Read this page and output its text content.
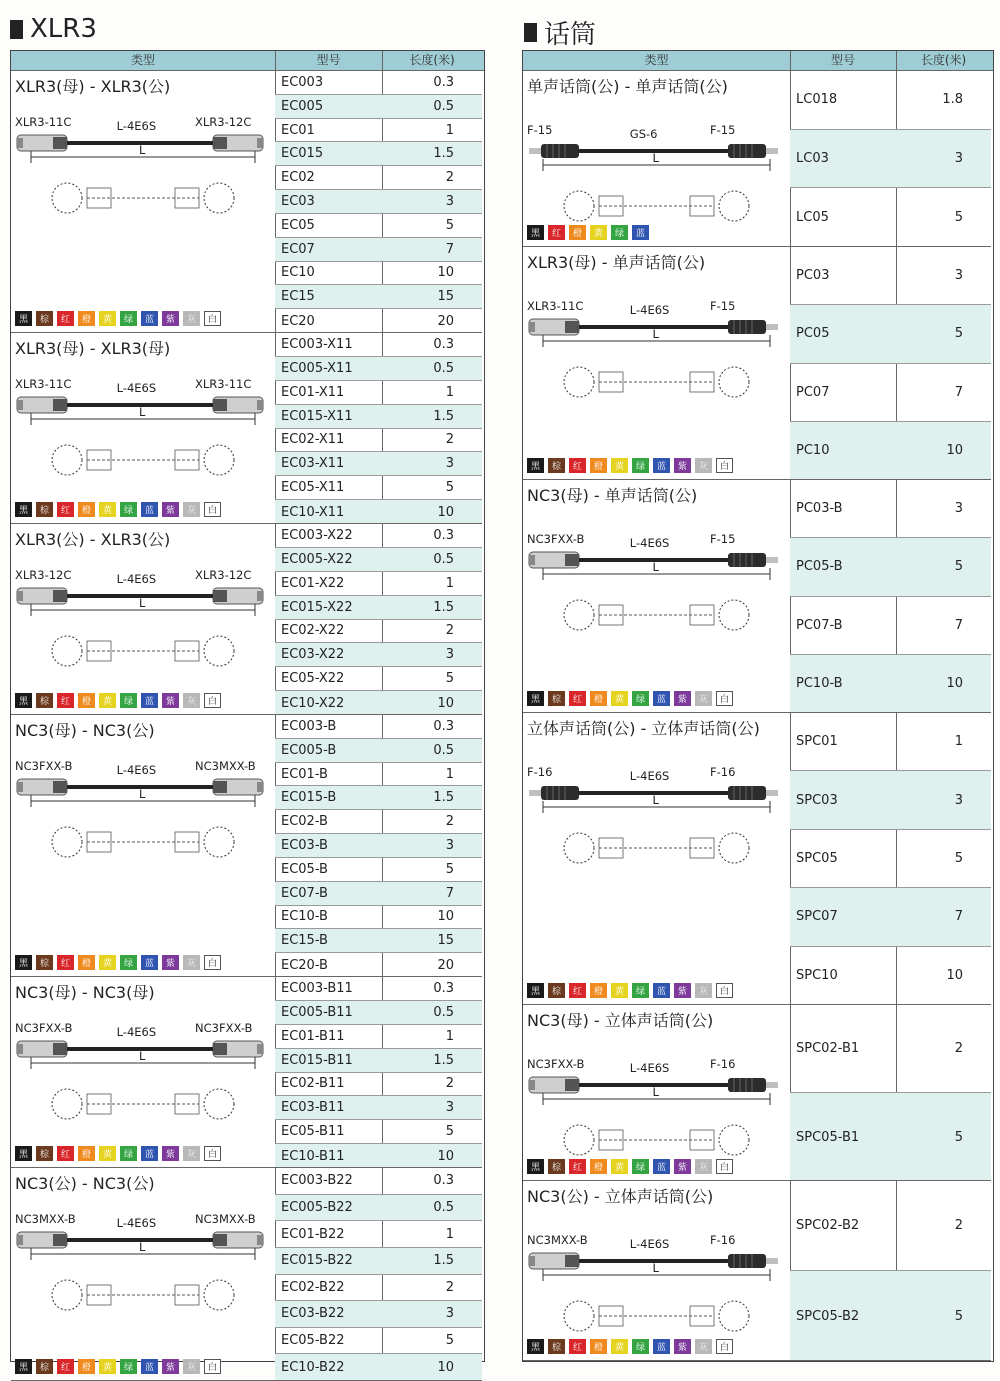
XLR3	话筒
类型	型号	长度(米)
XLR3(母) - XLR3(公)
XLR3-11C	L-4E6S	XLR3-12C
L
黑	棕	红	橙	黄	绿	蓝	紫	灰	白
EC003	0.3
EC005	0.5
EC01	1
EC015	1.5
EC02	2
EC03	3
EC05	5
EC07	7
EC10	10
EC15	15
EC20	20
XLR3(母) - XLR3(母)
XLR3-11C	L-4E6S	XLR3-11C
L
黑	棕	红	橙	黄	绿	蓝	紫	灰	白
EC003-X11	0.3
EC005-X11	0.5
EC01-X11	1
EC015-X11	1.5
EC02-X11	2
EC03-X11	3
EC05-X11	5
EC10-X11	10
XLR3(公) - XLR3(公)
XLR3-12C	L-4E6S	XLR3-12C
L
黑	棕	红	橙	黄	绿	蓝	紫	灰	白
EC003-X22	0.3
EC005-X22	0.5
EC01-X22	1
EC015-X22	1.5
EC02-X22	2
EC03-X22	3
EC05-X22	5
EC10-X22	10
NC3(母) - NC3(公)
NC3FXX-B	L-4E6S	NC3MXX-B
L
黑	棕	红	橙	黄	绿	蓝	紫	灰	白
EC003-B	0.3
EC005-B	0.5
EC01-B	1
EC015-B	1.5
EC02-B	2
EC03-B	3
EC05-B	5
EC07-B	7
EC10-B	10
EC15-B	15
EC20-B	20
NC3(母) - NC3(母)
NC3FXX-B	L-4E6S	NC3FXX-B
L
黑	棕	红	橙	黄	绿	蓝	紫	灰	白
EC003-B11	0.3
EC005-B11	0.5
EC01-B11	1
EC015-B11	1.5
EC02-B11	2
EC03-B11	3
EC05-B11	5
EC10-B11	10
NC3(公) - NC3(公)
NC3MXX-B	L-4E6S	NC3MXX-B
L
黑	棕	红	橙	黄	绿	蓝	紫	灰	白
EC003-B22	0.3
EC005-B22	0.5
EC01-B22	1
EC015-B22	1.5
EC02-B22	2
EC03-B22	3
EC05-B22	5
EC10-B22	10
类型	型号	长度(米)
单声话筒(公) - 单声话筒(公)
F-15	GS-6	F-15
L
黑	红	橙	黄	绿	蓝
LC018	1.8
LC03	3
LC05	5
XLR3(母) - 单声话筒(公)
XLR3-11C	L-4E6S	F-15
L
黑	棕	红	橙	黄	绿	蓝	紫	灰	白
PC03	3
PC05	5
PC07	7
PC10	10
NC3(母) - 单声话筒(公)
NC3FXX-B	L-4E6S	F-15
L
黑	棕	红	橙	黄	绿	蓝	紫	灰	白
PC03-B	3
PC05-B	5
PC07-B	7
PC10-B	10
立体声话筒(公) - 立体声话筒(公)
F-16	L-4E6S	F-16
L
黑	棕	红	橙	黄	绿	蓝	紫	灰	白
SPC01	1
SPC03	3
SPC05	5
SPC07	7
SPC10	10
NC3(母) - 立体声话筒(公)
NC3FXX-B	L-4E6S	F-16
L
黑	棕	红	橙	黄	绿	蓝	紫	灰	白
SPC02-B1	2
SPC05-B1	5
NC3(公) - 立体声话筒(公)
NC3MXX-B	L-4E6S	F-16
L
黑	棕	红	橙	黄	绿	蓝	紫	灰	白
SPC02-B2	2
SPC05-B2	5
